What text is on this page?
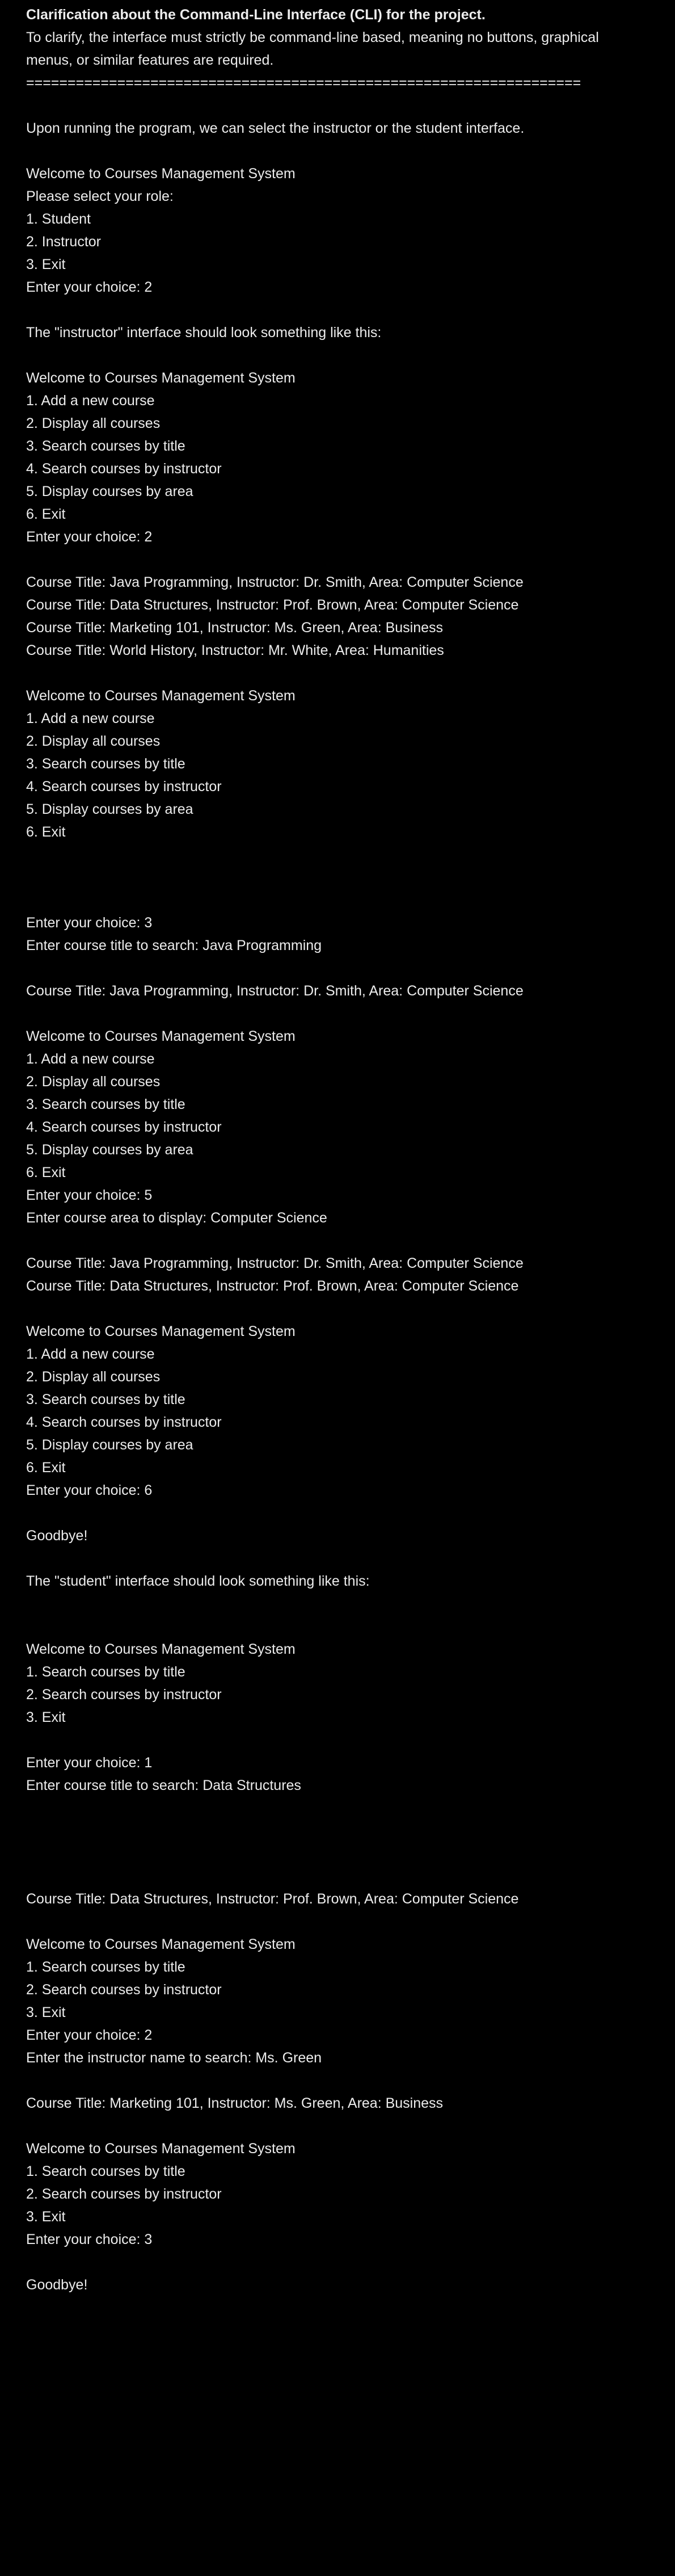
Clarification about the Command-Line Interface (CLI) for the project.
To clarify, the interface must strictly be command-line based, meaning no buttons, graphical
menus, or similar features are required.
===================================================================
Upon running the program, we can select the instructor or the student interface.
Welcome to Courses Management System
Please select your role:
1. Student
2. Instructor
3. Exit
Enter your choice: 2
The "instructor" interface should look something like this:
Welcome to Courses Management System
1. Add a new course
2. Display all courses
3. Search courses by title
4. Search courses by instructor
5. Display courses by area
6. Exit
Enter your choice: 2
Course Title: Java Programming, Instructor: Dr. Smith, Area: Computer Science
Course Title: Data Structures, Instructor: Prof. Brown, Area: Computer Science
Course Title: Marketing 101, Instructor: Ms. Green, Area: Business
Course Title: World History, Instructor: Mr. White, Area: Humanities
Welcome to Courses Management System
1. Add a new course
2. Display all courses
3. Search courses by title
4. Search courses by instructor
5. Display courses by area
6. Exit
Enter your choice: 3
Enter course title to search: Java Programming
Course Title: Java Programming, Instructor: Dr. Smith, Area: Computer Science
Welcome to Courses Management System
1. Add a new course
2. Display all courses
3. Search courses by title
4. Search courses by instructor
5. Display courses by area
6. Exit
Enter your choice: 5
Enter course area to display: Computer Science
Course Title: Java Programming, Instructor: Dr. Smith, Area: Computer Science
Course Title: Data Structures, Instructor: Prof. Brown, Area: Computer Science
Welcome to Courses Management System
1. Add a new course
2. Display all courses
3. Search courses by title
4. Search courses by instructor
5. Display courses by area
6. Exit
Enter your choice: 6
Goodbye!
The "student" interface should look something like this:
Welcome to Courses Management System
1. Search courses by title
2. Search courses by instructor
3. Exit
Enter your choice: 1
Enter course title to search: Data Structures
Course Title: Data Structures, Instructor: Prof. Brown, Area: Computer Science
Welcome to Courses Management System
1. Search courses by title
2. Search courses by instructor
3. Exit
Enter your choice: 2
Enter the instructor name to search: Ms. Green
Course Title: Marketing 101, Instructor: Ms. Green, Area: Business
Welcome to Courses Management System
1. Search courses by title
2. Search courses by instructor
3. Exit
Enter your choice: 3
Goodbye!
